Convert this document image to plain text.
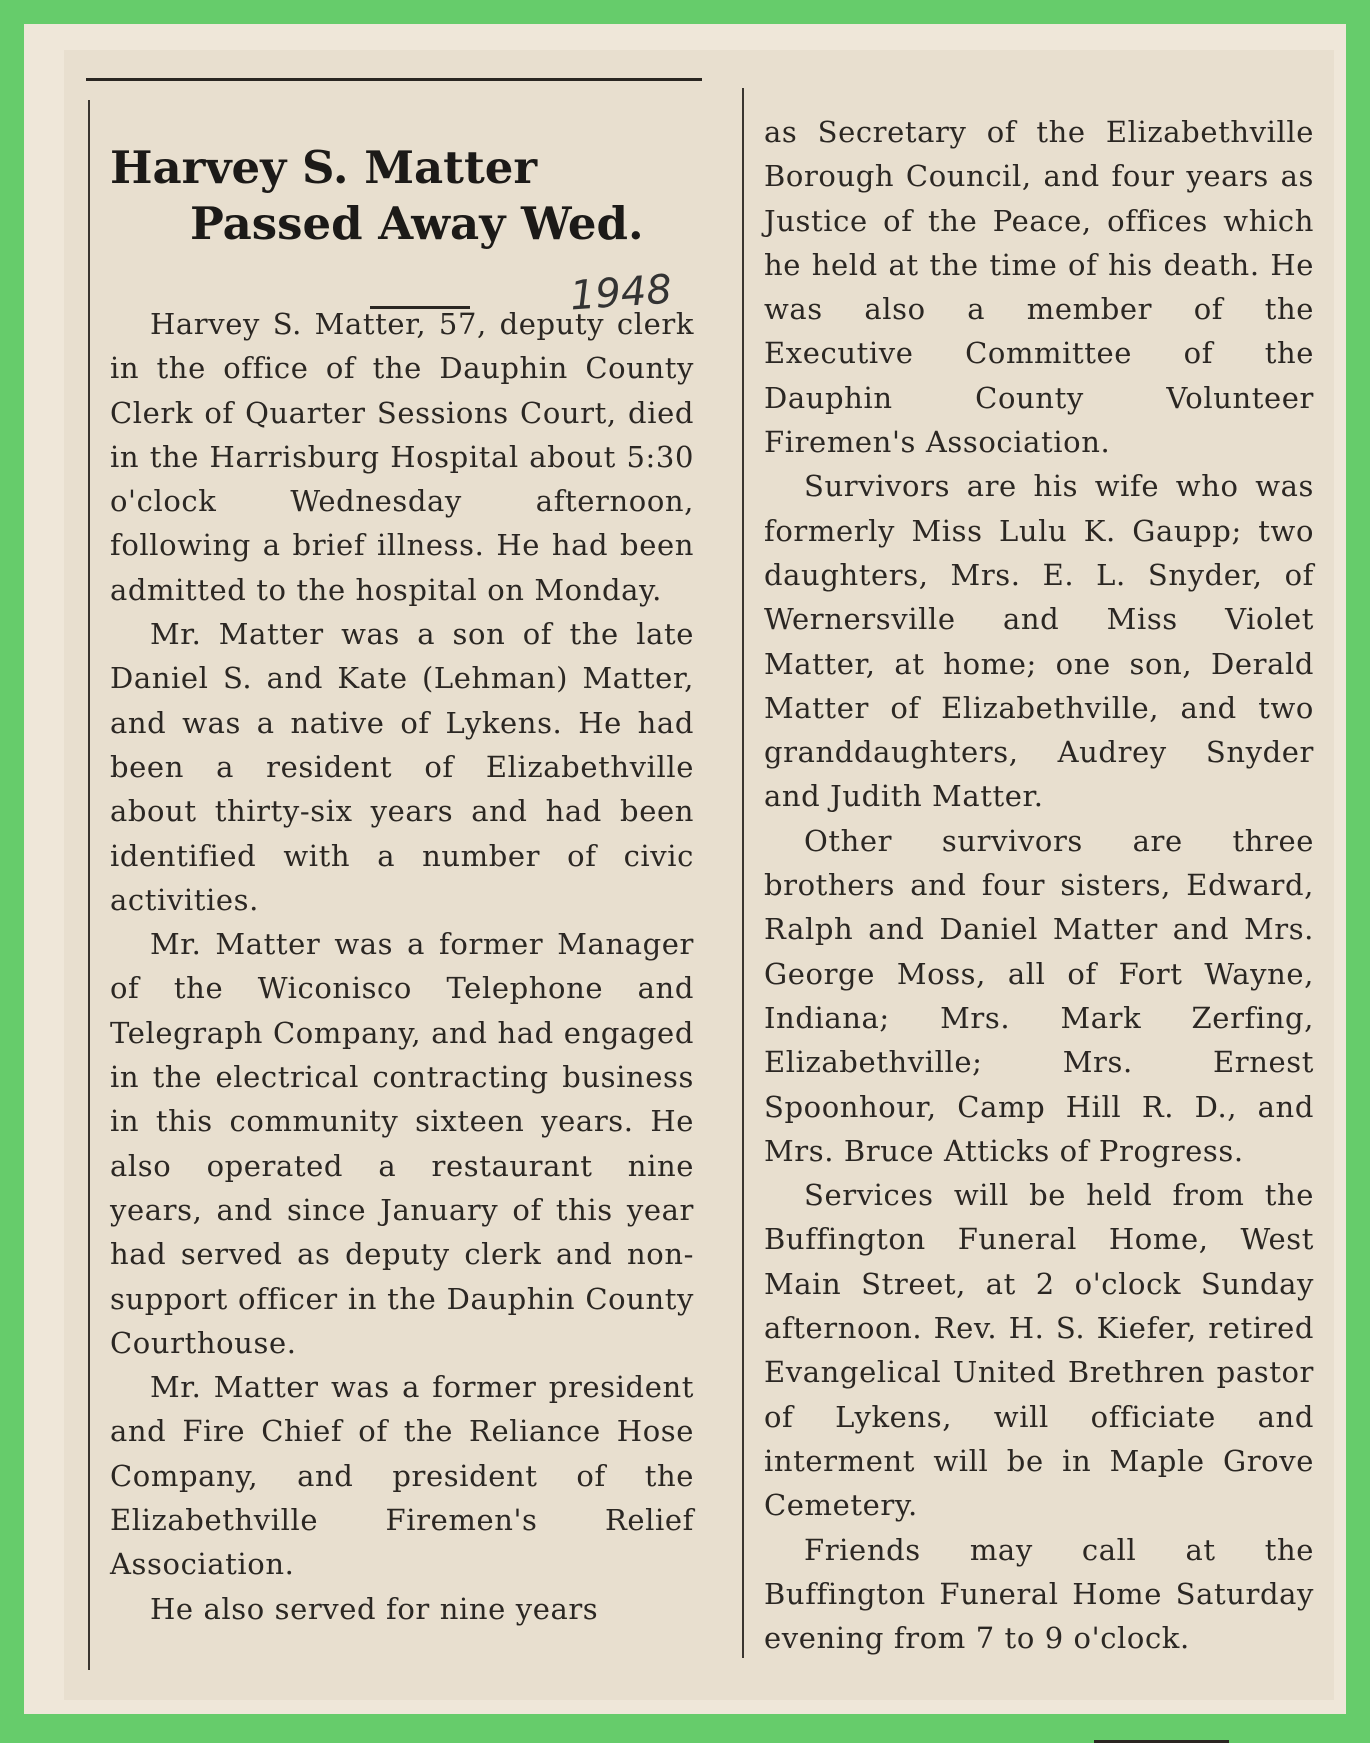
Harvey S. Matter
Passed Away Wed.
1948

Harvey S. Matter, 57, deputy clerk in the office of the Dauphin County Clerk of Quarter Sessions Court, died in the Harrisburg Hospital about 5:30 o'clock Wednesday afternoon, following a brief illness. He had been admitted to the hospital on Monday.

Mr. Matter was a son of the late Daniel S. and Kate (Lehman) Matter, and was a native of Lykens. He had been a resident of Elizabethville about thirty-six years and had been identified with a number of civic activities.

Mr. Matter was a former Manager of the Wiconisco Telephone and Telegraph Company, and had engaged in the electrical contracting business in this community sixteen years. He also operated a restaurant nine years, and since January of this year had served as deputy clerk and non-support officer in the Dauphin County Courthouse.

Mr. Matter was a former president and Fire Chief of the Reliance Hose Company, and president of the Elizabethville Firemen's Relief Association.

He also served for nine years

as Secretary of the Elizabethville Borough Council, and four years as Justice of the Peace, offices which he held at the time of his death. He was also a member of the Executive Committee of the Dauphin County Volunteer Firemen's Association.

Survivors are his wife who was formerly Miss Lulu K. Gaupp; two daughters, Mrs. E. L. Snyder, of Wernersville and Miss Violet Matter, at home; one son, Derald Matter of Elizabethville, and two granddaughters, Audrey Snyder and Judith Matter.

Other survivors are three brothers and four sisters, Edward, Ralph and Daniel Matter and Mrs. George Moss, all of Fort Wayne, Indiana; Mrs. Mark Zerfing, Elizabethville; Mrs. Ernest Spoonhour, Camp Hill R. D., and Mrs. Bruce Atticks of Progress.

Services will be held from the Buffington Funeral Home, West Main Street, at 2 o'clock Sunday afternoon. Rev. H. S. Kiefer, retired Evangelical United Brethren pastor of Lykens, will officiate and interment will be in Maple Grove Cemetery.

Friends may call at the Buffington Funeral Home Saturday evening from 7 to 9 o'clock.
